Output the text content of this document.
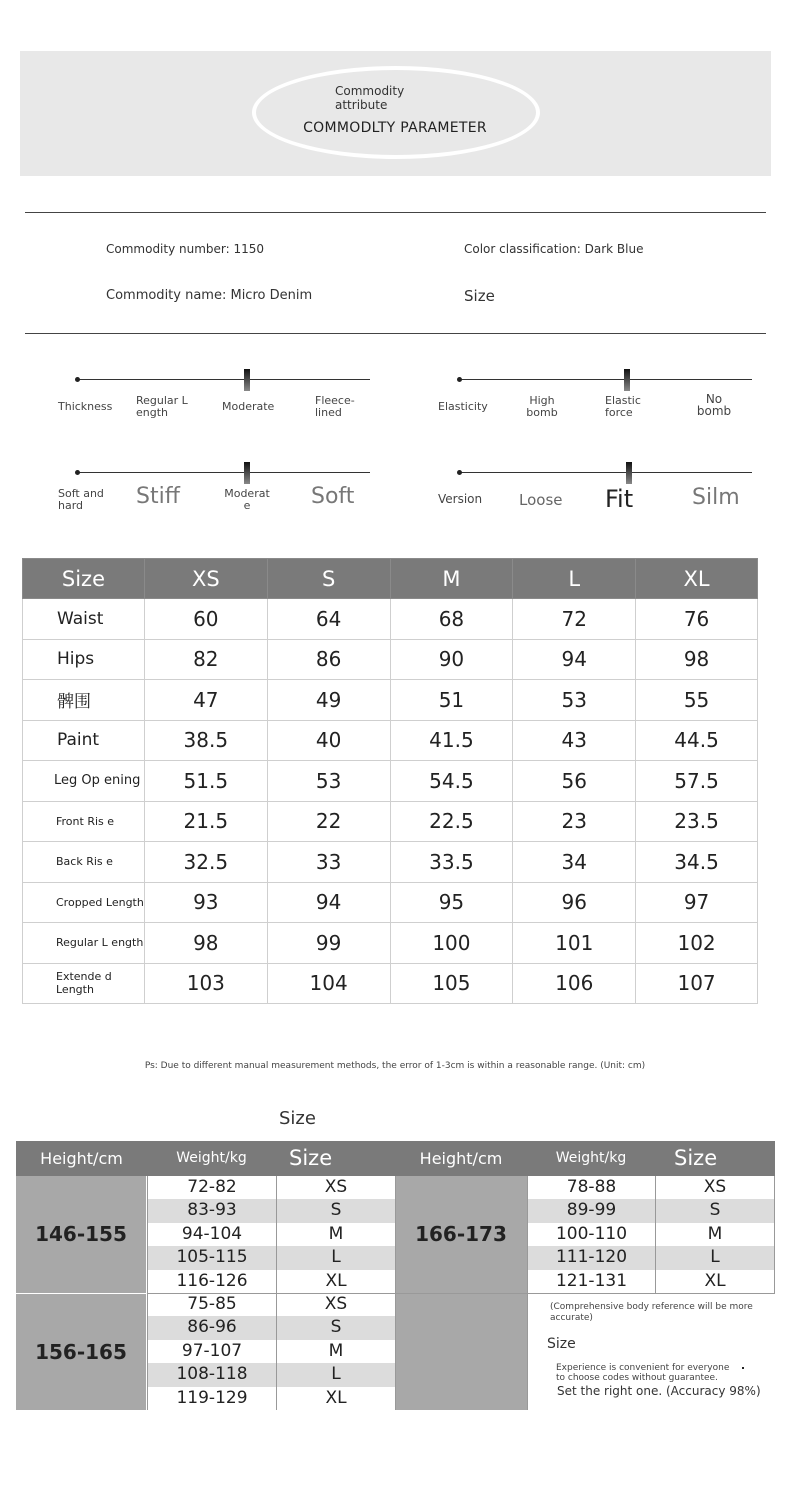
Commodity attribute
COMMODLTY PARAMETER
Commodity number: 1150	Color classification: Dark Blue
Commodity name: Micro Denim	Size
Thickness Regular L ength	Moderate	Fleece-lined	Elasticity	High bomb
Elastic force
No bomb
Soft and hard	Stiff	Moderat e	Soft	Version Loose Fit	Silm
Size	XS	S	M	L	XL
Waist	60	64	68	72	76
Hips	82	86	90	94	98
髀围	47	49	51	53	55
Paint	38.5	40	41.5	43	44.5
Leg Op ening	51.5	53	54.5	56	57.5
Front Ris e	21.5	22	22.5	23	23.5
Back Ris e	32.5	33	33.5	34	34.5
Cropped Length	93	94	95	96	97
Regular L ength	98	99	100	101	102
Extende d Length	103	104	105	106	107
Ps: Due to different manual measurement methods, the error of 1-3cm is within a reasonable range. (Unit: cm)
Size
Height/cm	Weight/kg	Size	Height/cm	Weight/kg	Size
146-155
72-82	XS
83-93	S
94-104	M
105-115	L
116-126	XL
166-173
78-88	XS
89-99	S
100-110	M
111-120	L
121-131	XL
156-165
75-85	XS
86-96	S
97-107	M
108-118	L
119-129	XL
(Comprehensive body reference will be more accurate)
Size
Experience is convenient for everyone to choose codes without guarantee.
Set the right one. (Accuracy 98%)
